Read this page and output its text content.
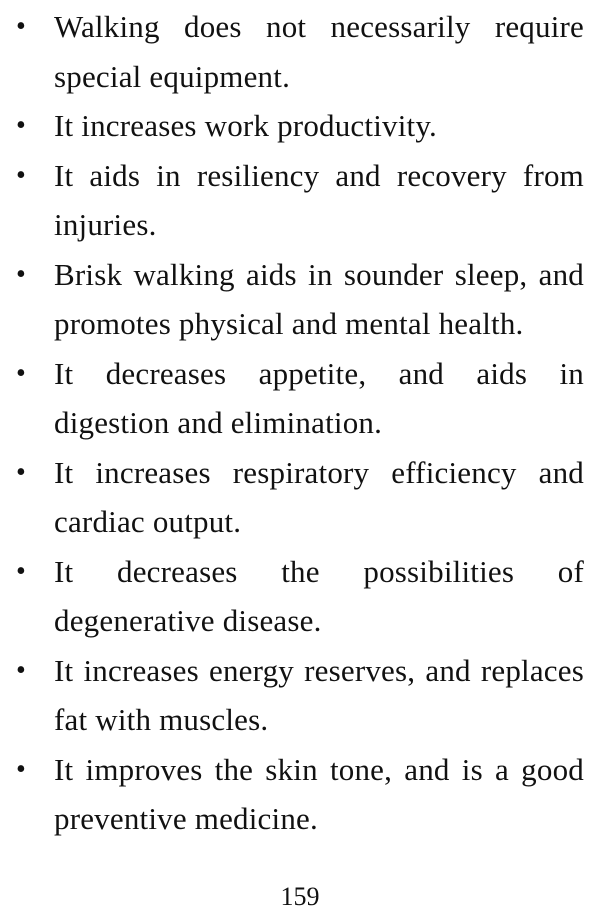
• Walking does not necessarily require special equipment.
• It increases work productivity.
• It aids in resiliency and recovery from injuries.
• Brisk walking aids in sounder sleep, and promotes physical and mental health.
• It decreases appetite, and aids in digestion and elimination.
• It increases respiratory efficiency and cardiac output.
• It decreases the possibilities of degenerative disease.
• It increases energy reserves, and replaces fat with muscles.
• It improves the skin tone, and is a good preventive medicine.
159
